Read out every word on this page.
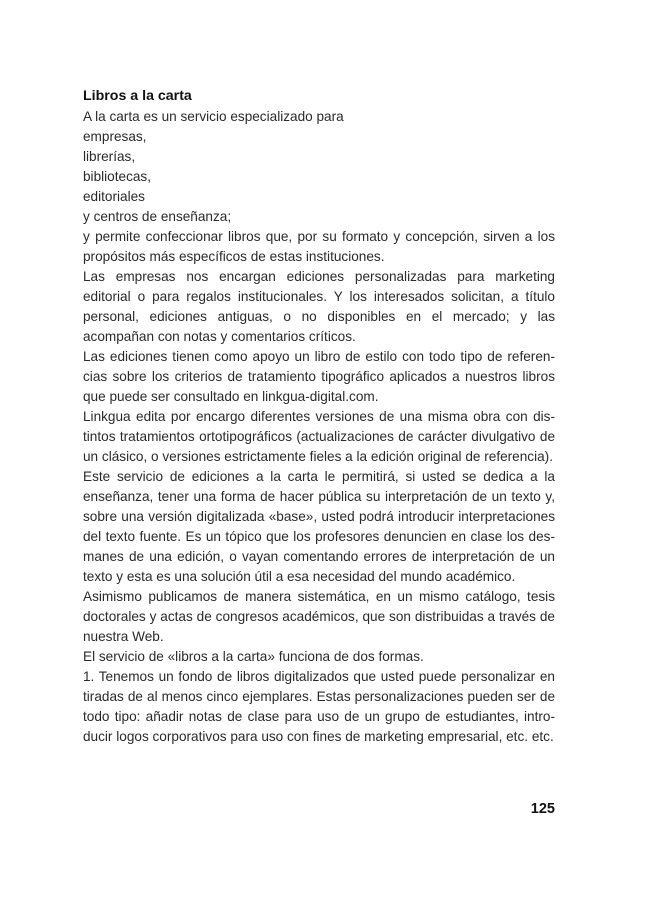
Libros a la carta

A la carta es un servicio especializado para

empresas,

librerías,

bibliotecas,

editoriales

y centros de enseñanza;

y permite confeccionar libros que, por su formato y concepción, sirven a los propósitos más específicos de estas instituciones.

Las empresas nos encargan ediciones personalizadas para marketing editorial o para regalos institucionales. Y los interesados solicitan, a título personal, ediciones antiguas, o no disponibles en el mercado; y las acompañan con notas y comentarios críticos.

Las ediciones tienen como apoyo un libro de estilo con todo tipo de referencias sobre los criterios de tratamiento tipográfico aplicados a nuestros libros que puede ser consultado en linkgua-digital.com.

Linkgua edita por encargo diferentes versiones de una misma obra con distintos tratamientos ortotipográficos (actualizaciones de carácter divulgativo de un clásico, o versiones estrictamente fieles a la edición original de referencia).

Este servicio de ediciones a la carta le permitirá, si usted se dedica a la enseñanza, tener una forma de hacer pública su interpretación de un texto y, sobre una versión digitalizada «base», usted podrá introducir interpretaciones del texto fuente. Es un tópico que los profesores denuncien en clase los desmanes de una edición, o vayan comentando errores de interpretación de un texto y esta es una solución útil a esa necesidad del mundo académico.

Asimismo publicamos de manera sistemática, en un mismo catálogo, tesis doctorales y actas de congresos académicos, que son distribuidas a través de nuestra Web.

El servicio de «libros a la carta» funciona de dos formas.

1. Tenemos un fondo de libros digitalizados que usted puede personalizar en tiradas de al menos cinco ejemplares. Estas personalizaciones pueden ser de todo tipo: añadir notas de clase para uso de un grupo de estudiantes, introducir logos corporativos para uso con fines de marketing empresarial, etc. etc.

125
